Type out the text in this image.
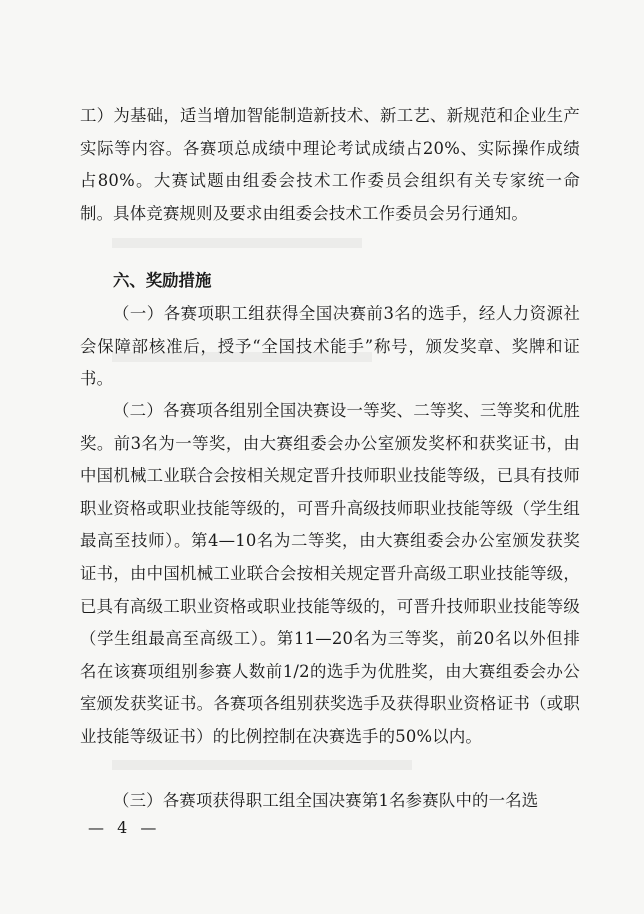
工）为基础，适当增加智能制造新技术、新工艺、新规范和企业生产实际等内容。各赛项总成绩中理论考试成绩占20%、实际操作成绩占80%。大赛试题由组委会技术工作委员会组织有关专家统一命制。具体竞赛规则及要求由组委会技术工作委员会另行通知。
六、奖励措施
（一）各赛项职工组获得全国决赛前3名的选手，经人力资源社会保障部核准后，授予“全国技术能手”称号，颁发奖章、奖牌和证书。
（二）各赛项各组别全国决赛设一等奖、二等奖、三等奖和优胜奖。前3名为一等奖，由大赛组委会办公室颁发奖杯和获奖证书，由中国机械工业联合会按相关规定晋升技师职业技能等级，已具有技师职业资格或职业技能等级的，可晋升高级技师职业技能等级（学生组最高至技师）。第4—10名为二等奖，由大赛组委会办公室颁发获奖证书，由中国机械工业联合会按相关规定晋升高级工职业技能等级，已具有高级工职业资格或职业技能等级的，可晋升技师职业技能等级（学生组最高至高级工）。第11—20名为三等奖，前20名以外但排名在该赛项组别参赛人数前1/2的选手为优胜奖，由大赛组委会办公室颁发获奖证书。各赛项各组别获奖选手及获得职业资格证书（或职业技能等级证书）的比例控制在决赛选手的50%以内。
（三）各赛项获得职工组全国决赛第1名参赛队中的一名选
— 4 —
